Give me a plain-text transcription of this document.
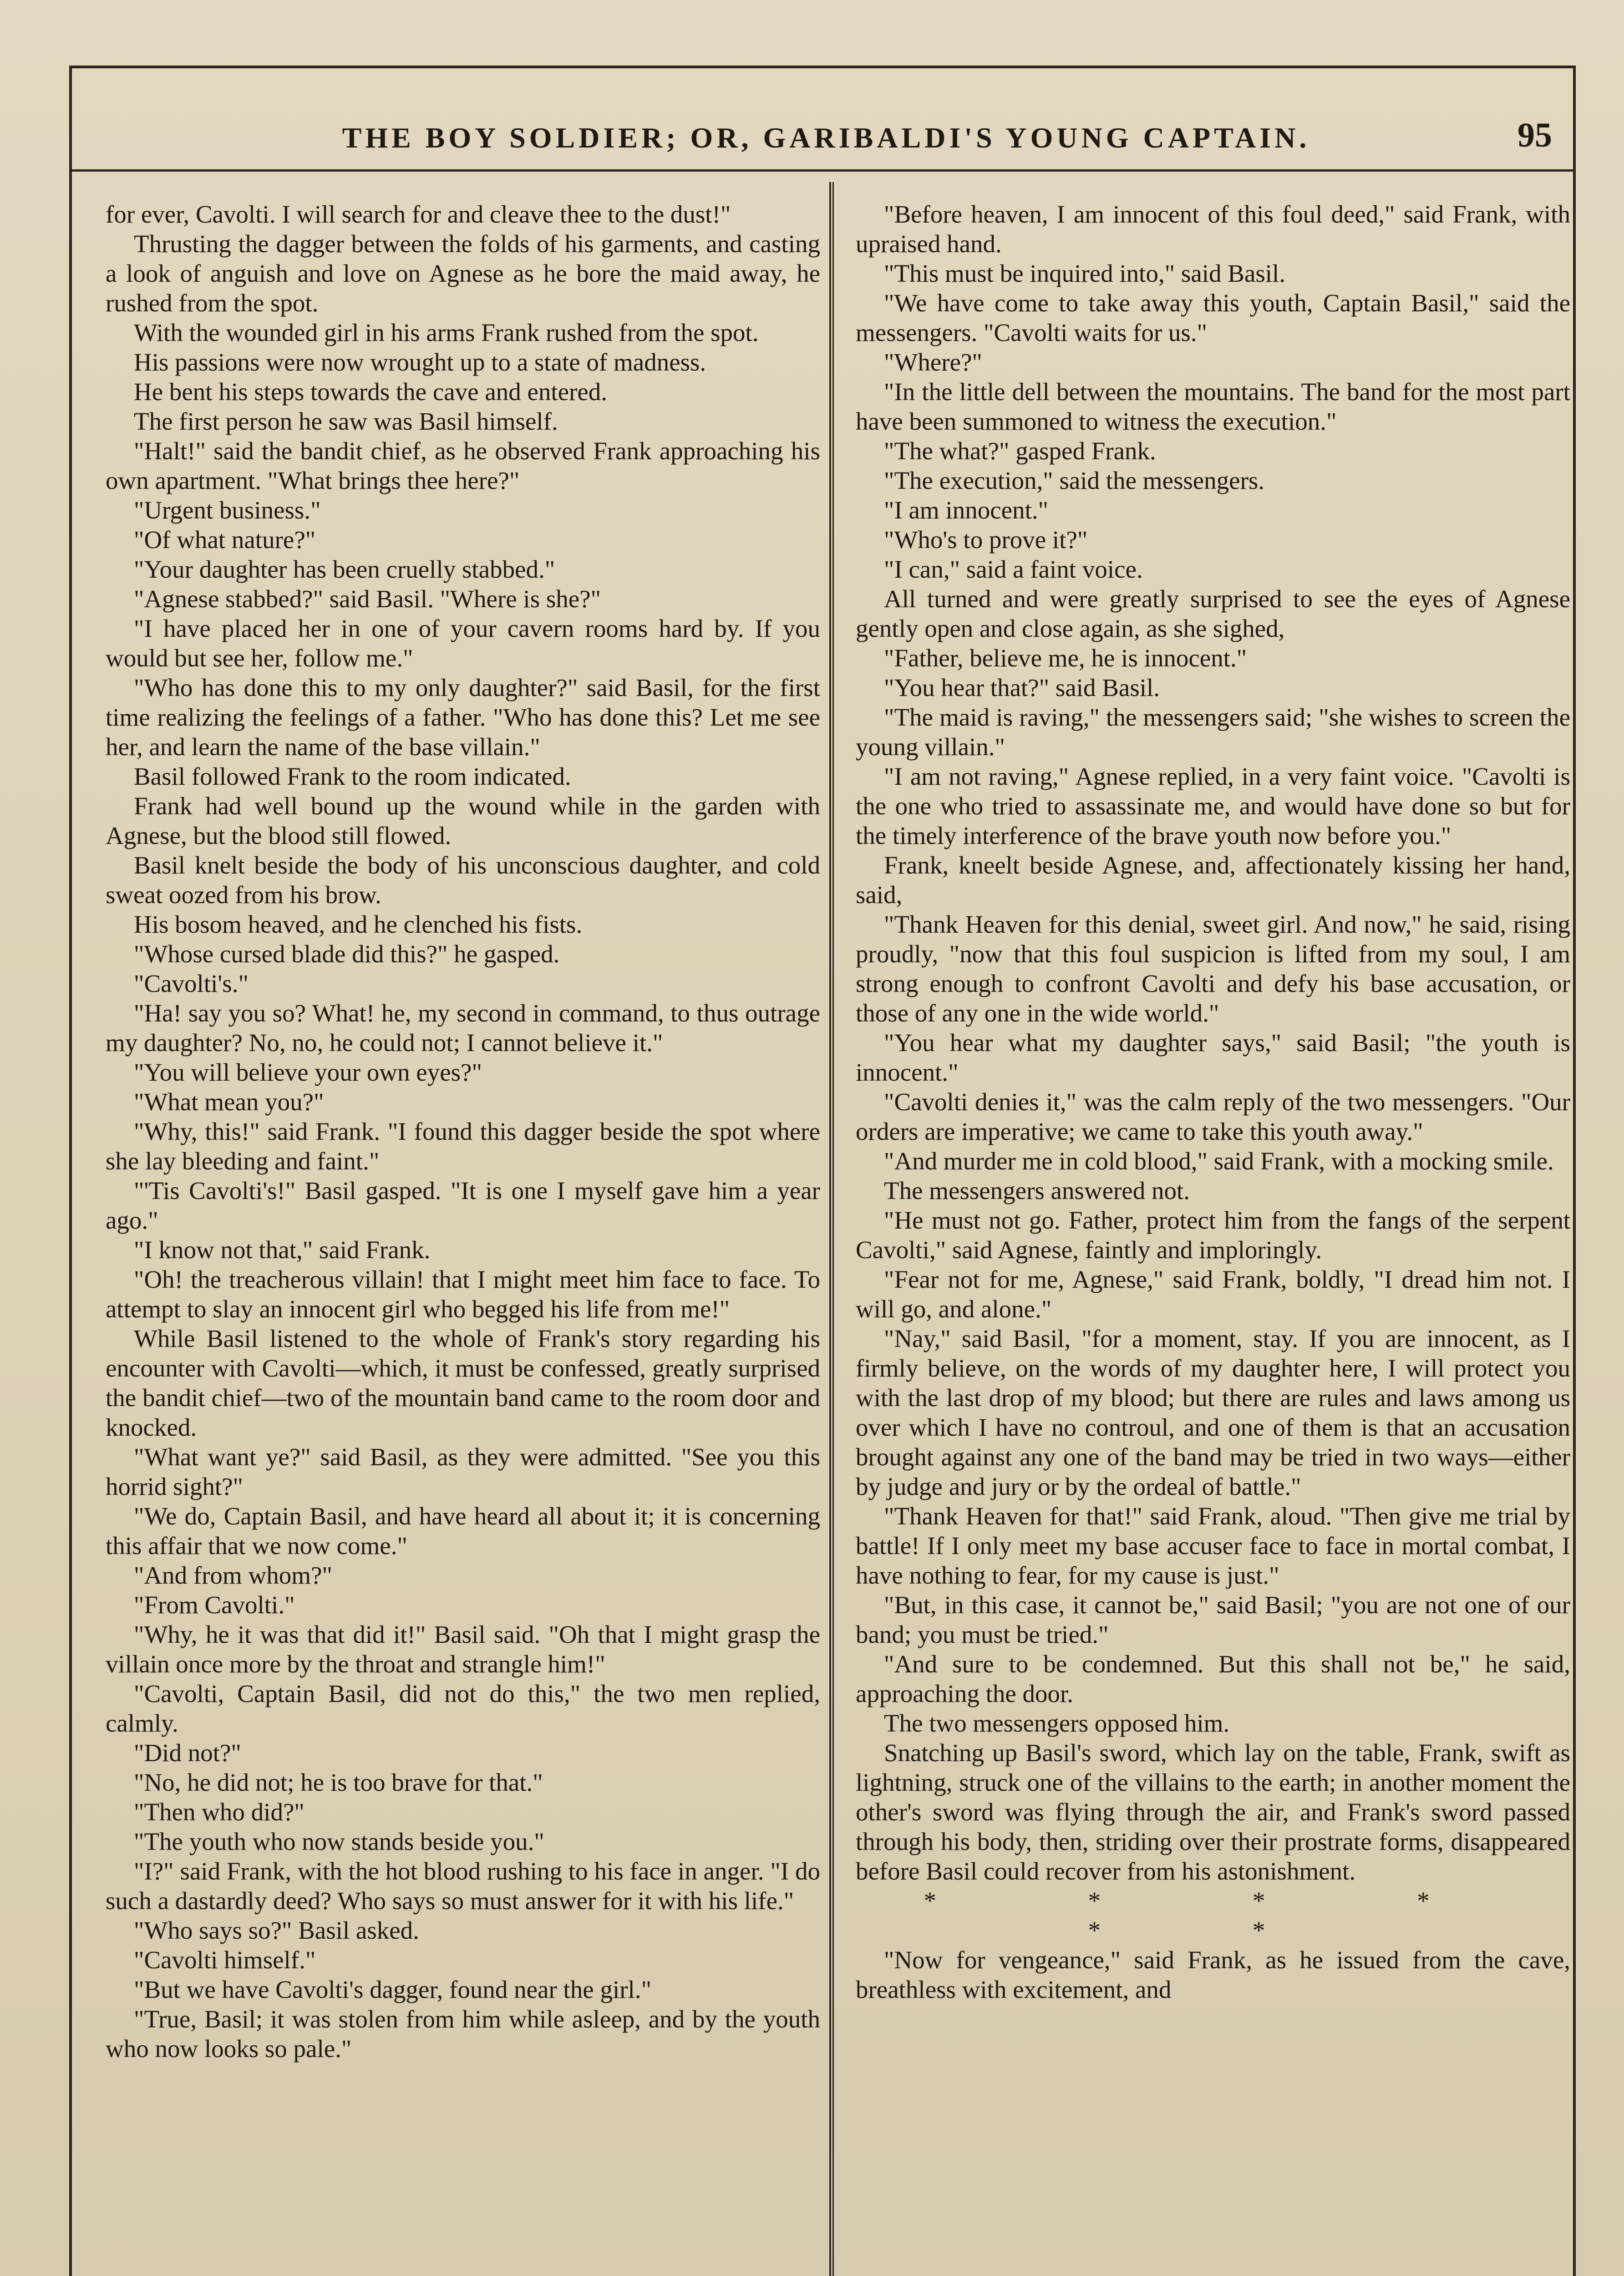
THE BOY SOLDIER; OR, GARIBALDI'S YOUNG CAPTAIN.	95

for ever, Cavolti. I will search for and cleave thee to the dust!"

Thrusting the dagger between the folds of his garments, and casting a look of anguish and love on Agnese as he bore the maid away, he rushed from the spot.

With the wounded girl in his arms Frank rushed from the spot.

His passions were now wrought up to a state of madness.

He bent his steps towards the cave and entered.

The first person he saw was Basil himself.

"Halt!" said the bandit chief, as he observed Frank approaching his own apartment. "What brings thee here?"

"Urgent business."

"Of what nature?"

"Your daughter has been cruelly stabbed."

"Agnese stabbed?" said Basil. "Where is she?"

"I have placed her in one of your cavern rooms hard by. If you would but see her, follow me."

"Who has done this to my only daughter?" said Basil, for the first time realizing the feelings of a father. "Who has done this? Let me see her, and learn the name of the base villain."

Basil followed Frank to the room indicated.

Frank had well bound up the wound while in the garden with Agnese, but the blood still flowed.

Basil knelt beside the body of his unconscious daughter, and cold sweat oozed from his brow.

His bosom heaved, and he clenched his fists.

"Whose cursed blade did this?" he gasped.

"Cavolti's."

"Ha! say you so? What! he, my second in command, to thus outrage my daughter? No, no, he could not; I cannot believe it."

"You will believe your own eyes?"

"What mean you?"

"Why, this!" said Frank. "I found this dagger beside the spot where she lay bleeding and faint."

"'Tis Cavolti's!" Basil gasped. "It is one I myself gave him a year ago."

"I know not that," said Frank.

"Oh! the treacherous villain! that I might meet him face to face. To attempt to slay an innocent girl who begged his life from me!"

While Basil listened to the whole of Frank's story regarding his encounter with Cavolti—which, it must be confessed, greatly surprised the bandit chief—two of the mountain band came to the room door and knocked.

"What want ye?" said Basil, as they were admitted. "See you this horrid sight?"

"We do, Captain Basil, and have heard all about it; it is concerning this affair that we now come."

"And from whom?"

"From Cavolti."

"Why, he it was that did it!" Basil said. "Oh that I might grasp the villain once more by the throat and strangle him!"

"Cavolti, Captain Basil, did not do this," the two men replied, calmly.

"Did not?"

"No, he did not; he is too brave for that."

"Then who did?"

"The youth who now stands beside you."

"I?" said Frank, with the hot blood rushing to his face in anger. "I do such a dastardly deed? Who says so must answer for it with his life."

"Who says so?" Basil asked.

"Cavolti himself."

"But we have Cavolti's dagger, found near the girl."

"True, Basil; it was stolen from him while asleep, and by the youth who now looks so pale."

"Before heaven, I am innocent of this foul deed," said Frank, with upraised hand.

"This must be inquired into," said Basil.

"We have come to take away this youth, Captain Basil," said the messengers. "Cavolti waits for us."

"Where?"

"In the little dell between the mountains. The band for the most part have been summoned to witness the execution."

"The what?" gasped Frank.

"The execution," said the messengers.

"I am innocent."

"Who's to prove it?"

"I can," said a faint voice.

All turned and were greatly surprised to see the eyes of Agnese gently open and close again, as she sighed,

"Father, believe me, he is innocent."

"You hear that?" said Basil.

"The maid is raving," the messengers said; "she wishes to screen the young villain."

"I am not raving," Agnese replied, in a very faint voice. "Cavolti is the one who tried to assassinate me, and would have done so but for the timely interference of the brave youth now before you."

Frank, kneelt beside Agnese, and, affectionately kissing her hand, said,

"Thank Heaven for this denial, sweet girl. And now," he said, rising proudly, "now that this foul suspicion is lifted from my soul, I am strong enough to confront Cavolti and defy his base accusation, or those of any one in the wide world."

"You hear what my daughter says," said Basil; "the youth is innocent."

"Cavolti denies it," was the calm reply of the two messengers. "Our orders are imperative; we came to take this youth away."

"And murder me in cold blood," said Frank, with a mocking smile.

The messengers answered not.

"He must not go. Father, protect him from the fangs of the serpent Cavolti," said Agnese, faintly and imploringly.

"Fear not for me, Agnese," said Frank, boldly, "I dread him not. I will go, and alone."

"Nay," said Basil, "for a moment, stay. If you are innocent, as I firmly believe, on the words of my daughter here, I will protect you with the last drop of my blood; but there are rules and laws among us over which I have no controul, and one of them is that an accusation brought against any one of the band may be tried in two ways—either by judge and jury or by the ordeal of battle."

"Thank Heaven for that!" said Frank, aloud. "Then give me trial by battle! If I only meet my base accuser face to face in mortal combat, I have nothing to fear, for my cause is just."

"But, in this case, it cannot be," said Basil; "you are not one of our band; you must be tried."

"And sure to be condemned. But this shall not be," he said, approaching the door.

The two messengers opposed him.

Snatching up Basil's sword, which lay on the table, Frank, swift as lightning, struck one of the villains to the earth; in another moment the other's sword was flying through the air, and Frank's sword passed through his body, then, striding over their prostrate forms, disappeared before Basil could recover from his astonishment.

* * * * * *

"Now for vengeance," said Frank, as he issued from the cave, breathless with excitement, and
